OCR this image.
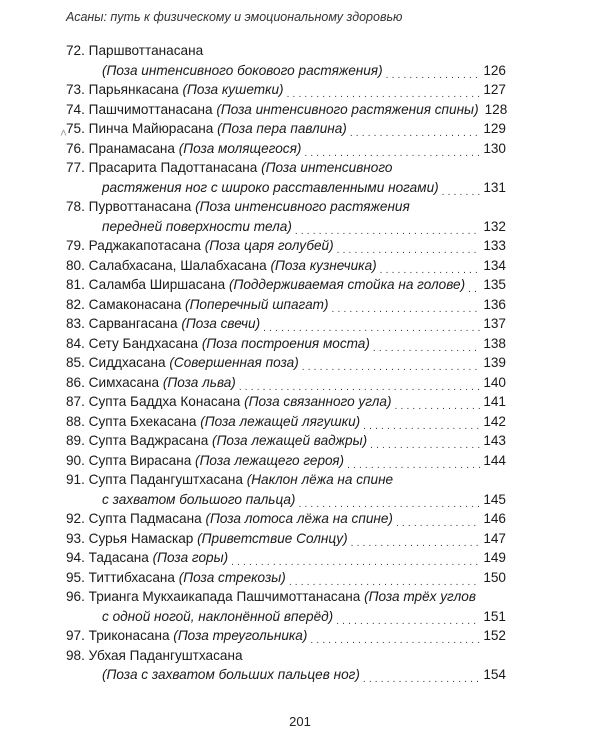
Асаны: путь к физическому и эмоциональному здоровью
˄
72. Паршвоттанасана
(Поза интенсивного бокового растяжения) . . .	126
73. Парьянкасана (Поза кушетки) . . .	127
74. Пашчимоттанасана (Поза интенсивного растяжения спины) 128
75. Пинча Майюрасана (Поза пера павлина) . . .	129
76. Пранамасана (Поза молящегося) . . .	130
77. Прасарита Падоттанасана (Поза интенсивного
растяжения ног с широко расставленными ногами) . . .	131
78. Пурвоттанасана (Поза интенсивного растяжения
передней поверхности тела) . . .	132
79. Раджакапотасана (Поза царя голубей) . . .	133
80. Салабхасана, Шалабхасана (Поза кузнечика) . . .	134
81. Саламба Ширшасана (Поддерживаемая стойка на голове) . . . 135
82. Самаконасана (Поперечный шпагат) . . .	136
83. Сарвангасана (Поза свечи) . . .	137
84. Сету Бандхасана (Поза построения моста) . . .	138
85. Сиддхасана (Совершенная поза) . . .	139
86. Симхасана (Поза льва) . . .	140
87. Супта Баддха Конасана (Поза связанного угла) . . .	141
88. Супта Бхекасана (Поза лежащей лягушки) . . .	142
89. Супта Ваджрасана (Поза лежащей ваджры) . . .	143
90. Супта Вирасана (Поза лежащего героя) . . .	144
91. Супта Падангуштхасана (Наклон лёжа на спине
с захватом большого пальца) . . .	145
92. Супта Падмасана (Поза лотоса лёжа на спине) . . .	146
93. Сурья Намаскар (Приветствие Солнцу) . . .	147
94. Тадасана (Поза горы) . . .	149
95. Титтибхасана (Поза стрекозы) . . .	150
96. Трианга Мукхаикапада Пашчимоттанасана (Поза трёх углов
с одной ногой, наклонённой вперёд) . . .	151
97. Триконасана (Поза треугольника) . . .	152
98. Убхая Падангуштхасана
(Поза с захватом больших пальцев ног) . . .	154
201
